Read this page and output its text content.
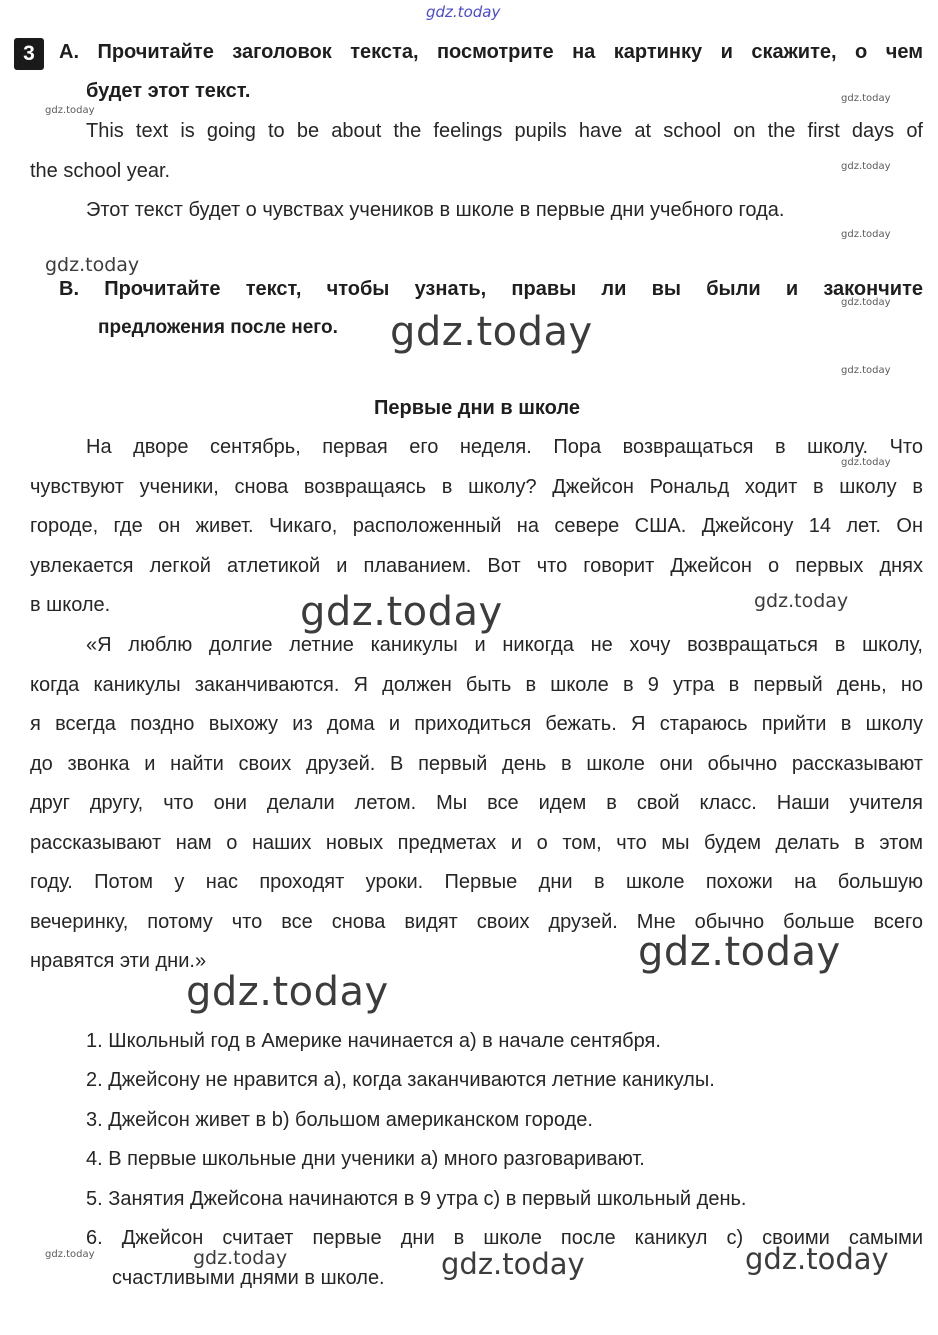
gdz.today
gdz.today
gdz.today
gdz.today
gdz.today
gdz.today
gdz.today
gdz.today
gdz.today
gdz.today
gdz.today	gdz.today
gdz.today
gdz.today
gdz.today	gdz.today	gdz.today	gdz.today
3	A. Прочитайте заголовок текста, посмотрите на картинку и скажите, о чем
будет этот текст.
This text is going to be about the feelings pupils have at school on the first days of
the school year.
Этот текст будет о чувствах учеников в школе в первые дни учебного года.
B. Прочитайте текст, чтобы узнать, правы ли вы были и закончите
предложения после него.
Первые дни в школе
На дворе сентябрь, первая его неделя. Пора возвращаться в школу. Что
чувствуют ученики, снова возвращаясь в школу? Джейсон Рональд ходит в школу в
городе, где он живет. Чикаго, расположенный на севере США. Джейсону 14 лет. Он
увлекается легкой атлетикой и плаванием. Вот что говорит Джейсон о первых днях
в школе.
«Я люблю долгие летние каникулы и никогда не хочу возвращаться в школу,
когда каникулы заканчиваются. Я должен быть в школе в 9 утра в первый день, но
я всегда поздно выхожу из дома и приходиться бежать. Я стараюсь прийти в школу
до звонка и найти своих друзей. В первый день в школе они обычно рассказывают
друг другу, что они делали летом. Мы все идем в свой класс. Наши учителя
рассказывают нам о наших новых предметах и о том, что мы будем делать в этом
году. Потом у нас проходят уроки. Первые дни в школе похожи на большую
вечеринку, потому что все снова видят своих друзей. Мне обычно больше всего
нравятся эти дни.»
1. Школьный год в Америке начинается a) в начале сентября.
2. Джейсону не нравится a), когда заканчиваются летние каникулы.
3. Джейсон живет в b) большом американском городе.
4. В первые школьные дни ученики a) много разговаривают.
5. Занятия Джейсона начинаются в 9 утра c) в первый школьный день.
6. Джейсон считает первые дни в школе после каникул c) своими самыми
счастливыми днями в школе.
